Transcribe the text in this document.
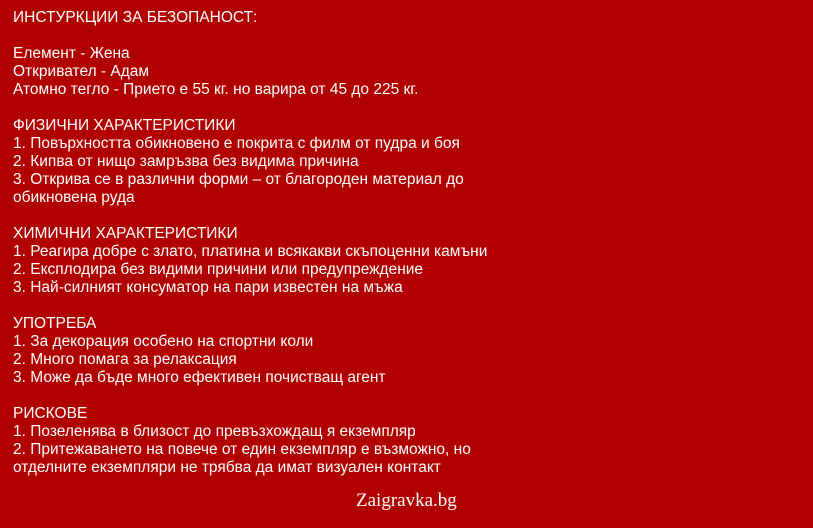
ИНСТУРКЦИИ ЗА БЕЗОПАНОСТ:
Елемент - Жена
Откривател - Адам
Атомно тегло - Прието е 55 кг. но варира от 45 до 225 кг.
ФИЗИЧНИ ХАРАКТЕРИСТИКИ
1. Повърхността обикновено е покрита с филм от пудра и боя
2. Кипва от нищо замръзва без видима причина
3. Открива се в различни форми – от благороден материал до
обикновена руда
ХИМИЧНИ ХАРАКТЕРИСТИКИ
1. Реагира добре с злато, платина и всякакви скъпоценни камъни
2. Експлодира без видими причини или предупреждение
3. Най-силният консуматор на пари известен на мъжа
УПОТРЕБА
1. За декорация особено на спортни коли
2. Много помага за релаксация
3. Може да бъде много ефективен почистващ агент
РИСКОВЕ
1. Позеленява в близост до превъзхождащ я екземпляр
2. Притежаването на повече от един екземпляр е възможно, но
отделните екземпляри не трябва да имат визуален контакт
Zaigravka.bg
